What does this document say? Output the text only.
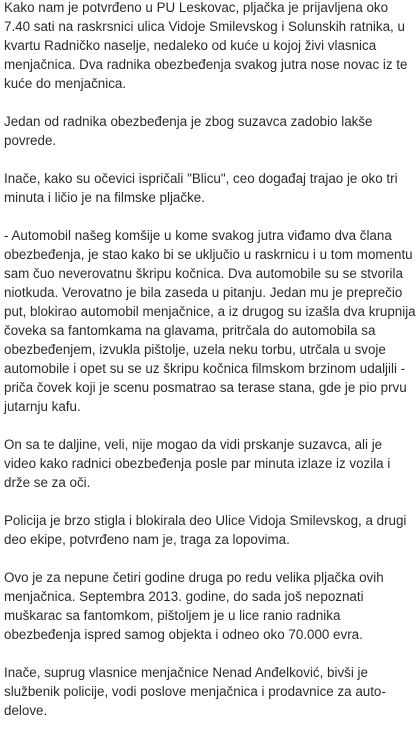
Kako nam je potvrđeno u PU Leskovac, pljačka je prijavljena oko 7.40 sati na raskrsnici ulica Vidoje Smilevskog i Solunskih ratnika, u kvartu Radničko naselje, nedaleko od kuće u kojoj živi vlasnica menjačnica. Dva radnika obezbeđenja svakog jutra nose novac iz te kuće do menjačnica.

Jedan od radnika obezbeđenja je zbog suzavca zadobio lakše povrede.

Inače, kako su očevici ispričali "Blicu", ceo događaj trajao je oko tri minuta i ličio je na filmske pljačke.

- Automobil našeg komšije u kome svakog jutra viđamo dva člana obezbeđenja, je stao kako bi se uključio u raskrnicu i u tom momentu sam čuo neverovatnu škripu kočnica. Dva automobile su se stvorila niotkuda. Verovatno je bila zaseda u pitanju. Jedan mu je preprečio put, blokirao automobil menjačnice, a iz drugog su izašla dva krupnija čoveka sa fantomkama na glavama, pritrčala do automobila sa obezbeđenjem, izvukla pištolje, uzela neku torbu, utrčala u svoje automobile i opet su se uz škripu kočnica filmskom brzinom udaljili - priča čovek koji je scenu posmatrao sa terase stana, gde je pio prvu jutarnju kafu.

On sa te daljine, veli, nije mogao da vidi prskanje suzavca, ali je video kako radnici obezbeđenja posle par minuta izlaze iz vozila i drže se za oči.

Policija je brzo stigla i blokirala deo Ulice Vidoja Smilevskog, a drugi deo ekipe, potvrđeno nam je, traga za lopovima.

Ovo je za nepune četiri godine druga po redu velika pljačka ovih menjačnica. Septembra 2013. godine, do sada još nepoznati muškarac sa fantomkom, pištoljem je u lice ranio radnika obezbeđenja ispred samog objekta i odneo oko 70.000 evra.

Inače, suprug vlasnice menjačnice Nenad Anđelković, bivši je službenik policije, vodi poslove menjačnica i prodavnice za auto-delove.
